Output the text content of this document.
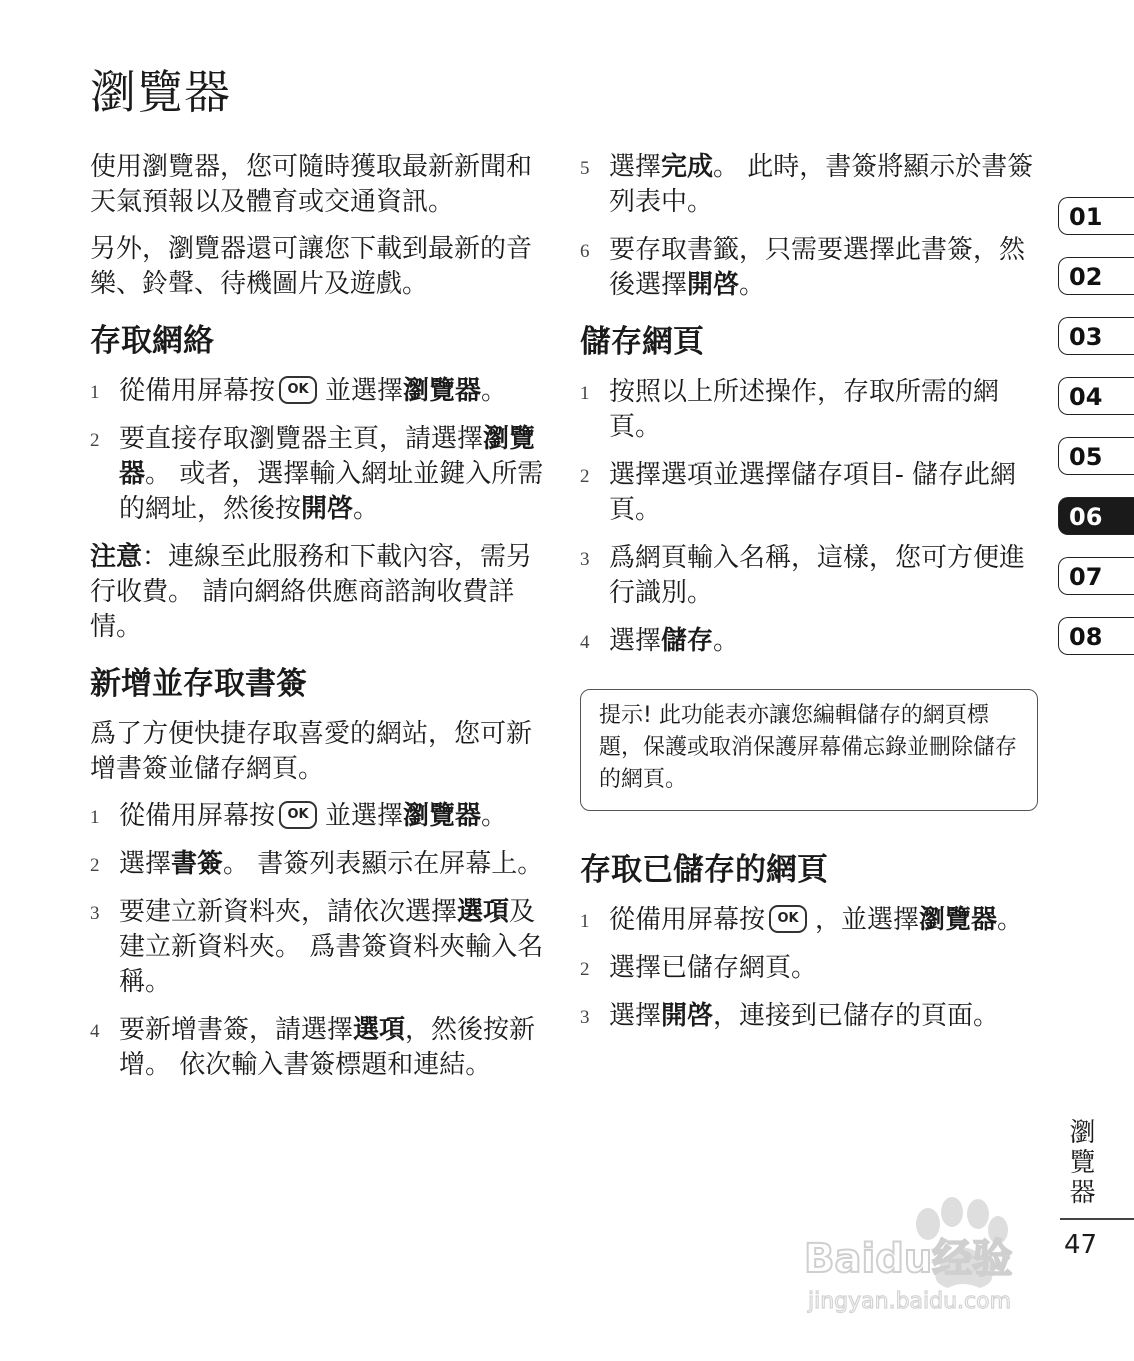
瀏覽器

使用瀏覽器，您可隨時獲取最新新聞和天氣預報以及體育或交通資訊。

另外，瀏覽器還可讓您下載到最新的音樂、鈴聲、待機圖片及遊戲。

存取網絡
1 從備用屏幕按 OK 並選擇瀏覽器。
2 要直接存取瀏覽器主頁，請選擇瀏覽器。 或者，選擇輸入網址並鍵入所需的網址，然後按開啓。

注意：連線至此服務和下載內容，需另行收費。 請向網絡供應商諮詢收費詳情。

新增並存取書簽

爲了方便快捷存取喜愛的網站，您可新增書簽並儲存網頁。

1 從備用屏幕按 OK 並選擇瀏覽器。
2 選擇書簽。 書簽列表顯示在屏幕上。
3 要建立新資料夾，請依次選擇選項及建立新資料夾。 爲書簽資料夾輸入名稱。
4 要新增書簽，請選擇選項，然後按新增。 依次輸入書簽標題和連結。
5 選擇完成。 此時，書簽將顯示於書簽列表中。
6 要存取書籤，只需要選擇此書簽，然後選擇開啓。
儲存網頁
1 按照以上所述操作，存取所需的網頁。
2 選擇選項並選擇儲存項目- 儲存此網頁。
3 爲網頁輸入名稱，這樣，您可方便進行識別。
4 選擇儲存。
提示! 此功能表亦讓您編輯儲存的網頁標題，保護或取消保護屏幕備忘錄並刪除儲存的網頁。
存取已儲存的網頁
1 從備用屏幕按 OK ，並選擇瀏覽器。
2 選擇已儲存網頁。
3 選擇開啓，連接到已儲存的頁面。
01
02
03
04
05
06
07
08
瀏覽器
47
Baidu经验
jingyan.baidu.com
